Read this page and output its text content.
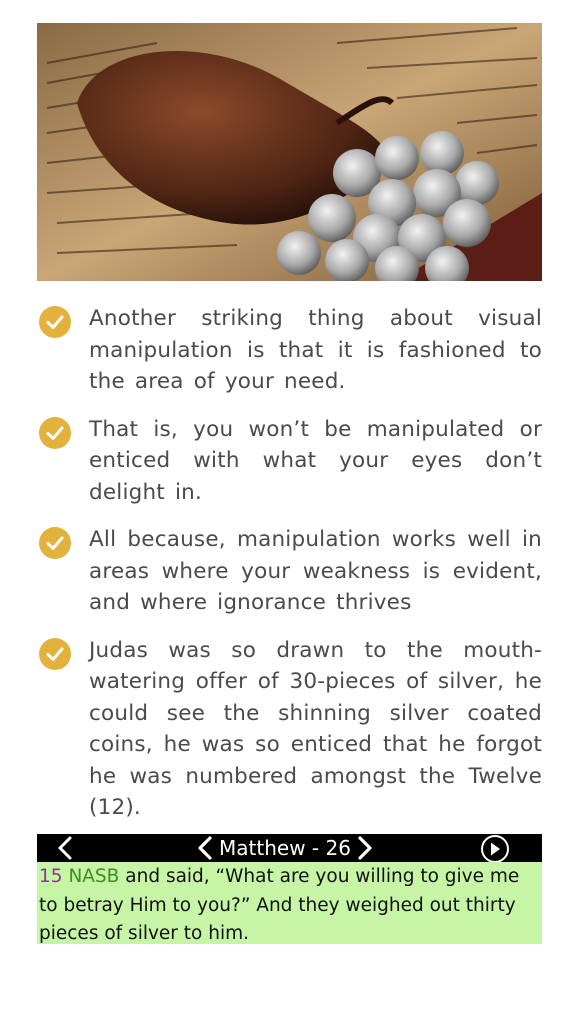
Another striking thing about visual manipulation is that it is fashioned to the area of your need.

That is, you won’t be manipulated or enticed with what your eyes don’t delight in.

All because, manipulation works well in areas where your weakness is evident, and where ignorance thrives

Judas was so drawn to the mouth-watering offer of 30-pieces of silver, he could see the shinning silver coated coins, he was so enticed that he forgot he was numbered amongst the Twelve (12).

Matthew - 26
15 NASB and said, “What are you willing to give me to betray Him to you?” And they weighed out thirty pieces of silver to him.
